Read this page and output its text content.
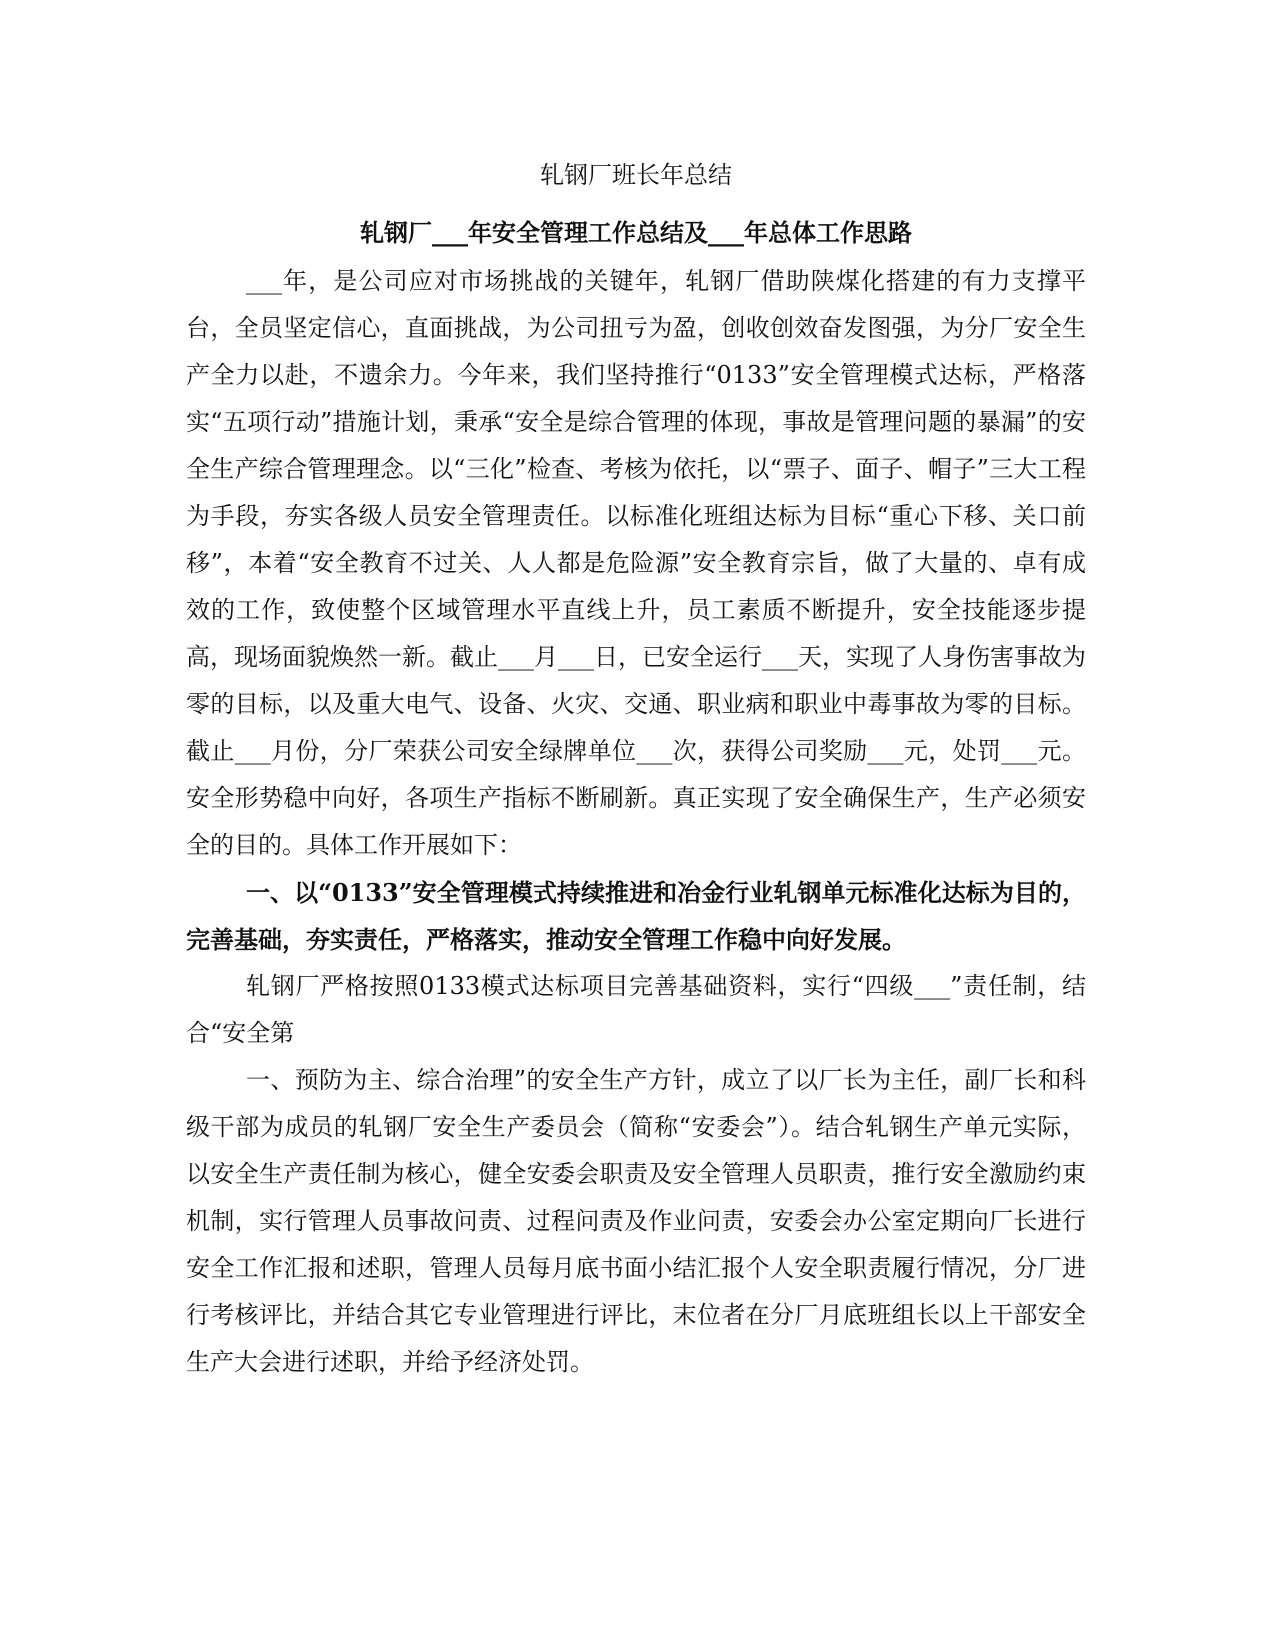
轧钢厂班长年总结
轧钢厂___年安全管理工作总结及___年总体工作思路

___年，是公司应对市场挑战的关键年，轧钢厂借助陕煤化搭建的有力支撑平台，全员坚定信心，直面挑战，为公司扭亏为盈，创收创效奋发图强，为分厂安全生产全力以赴，不遗余力。今年来，我们坚持推行“0133”安全管理模式达标，严格落实“五项行动”措施计划，秉承“安全是综合管理的体现，事故是管理问题的暴漏”的安全生产综合管理理念。以“三化”检查、考核为依托，以“票子、面子、帽子”三大工程为手段，夯实各级人员安全管理责任。以标准化班组达标为目标“重心下移、关口前移”，本着“安全教育不过关、人人都是危险源”安全教育宗旨，做了大量的、卓有成效的工作，致使整个区域管理水平直线上升，员工素质不断提升，安全技能逐步提高，现场面貌焕然一新。截止___月___日，已安全运行___天，实现了人身伤害事故为零的目标，以及重大电气、设备、火灾、交通、职业病和职业中毒事故为零的目标。截止___月份，分厂荣获公司安全绿牌单位___次，获得公司奖励___元，处罚___元。安全形势稳中向好，各项生产指标不断刷新。真正实现了安全确保生产，生产必须安全的目的。具体工作开展如下：

一、以“0133”安全管理模式持续推进和冶金行业轧钢单元标准化达标为目的，完善基础，夯实责任，严格落实，推动安全管理工作稳中向好发展。

轧钢厂严格按照0133模式达标项目完善基础资料，实行“四级___”责任制，结合“安全第

一、预防为主、综合治理”的安全生产方针，成立了以厂长为主任，副厂长和科级干部为成员的轧钢厂安全生产委员会（简称“安委会”）。结合轧钢生产单元实际，以安全生产责任制为核心，健全安委会职责及安全管理人员职责，推行安全激励约束机制，实行管理人员事故问责、过程问责及作业问责，安委会办公室定期向厂长进行安全工作汇报和述职，管理人员每月底书面小结汇报个人安全职责履行情况，分厂进行考核评比，并结合其它专业管理进行评比，末位者在分厂月底班组长以上干部安全生产大会进行述职，并给予经济处罚。
